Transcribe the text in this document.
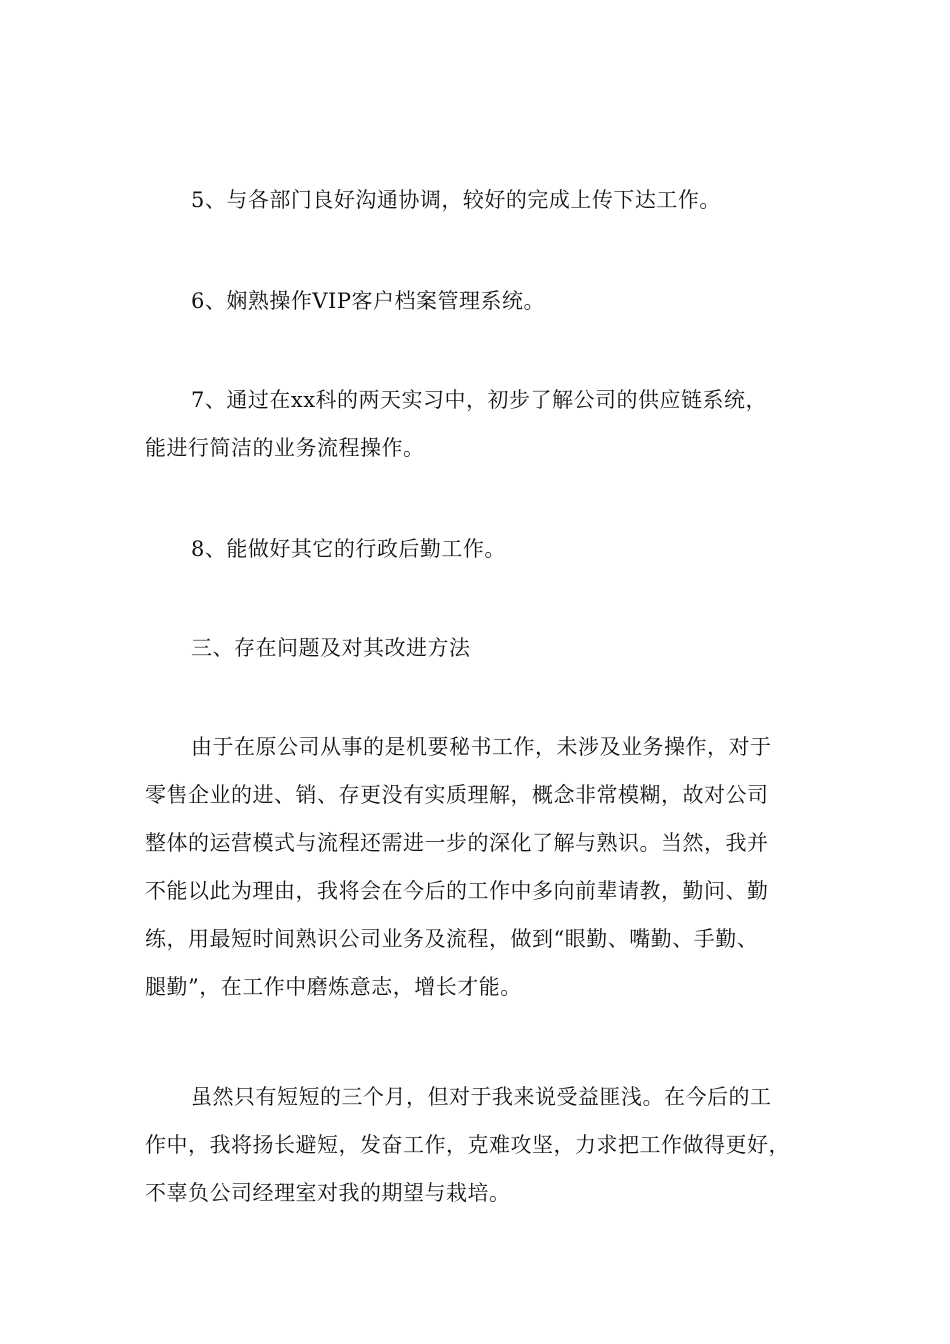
5、与各部门良好沟通协调，较好的完成上传下达工作。

6、娴熟操作VIP客户档案管理系统。

7、通过在xx科的两天实习中，初步了解公司的供应链系统，
能进行简洁的业务流程操作。

8、能做好其它的行政后勤工作。

三、存在问题及对其改进方法

由于在原公司从事的是机要秘书工作，未涉及业务操作，对于
零售企业的进、销、存更没有实质理解，概念非常模糊，故对公司
整体的运营模式与流程还需进一步的深化了解与熟识。当然，我并
不能以此为理由，我将会在今后的工作中多向前辈请教，勤问、勤
练，用最短时间熟识公司业务及流程，做到“眼勤、嘴勤、手勤、
腿勤”，在工作中磨炼意志，增长才能。

虽然只有短短的三个月，但对于我来说受益匪浅。在今后的工
作中，我将扬长避短，发奋工作，克难攻坚，力求把工作做得更好，
不辜负公司经理室对我的期望与栽培。
